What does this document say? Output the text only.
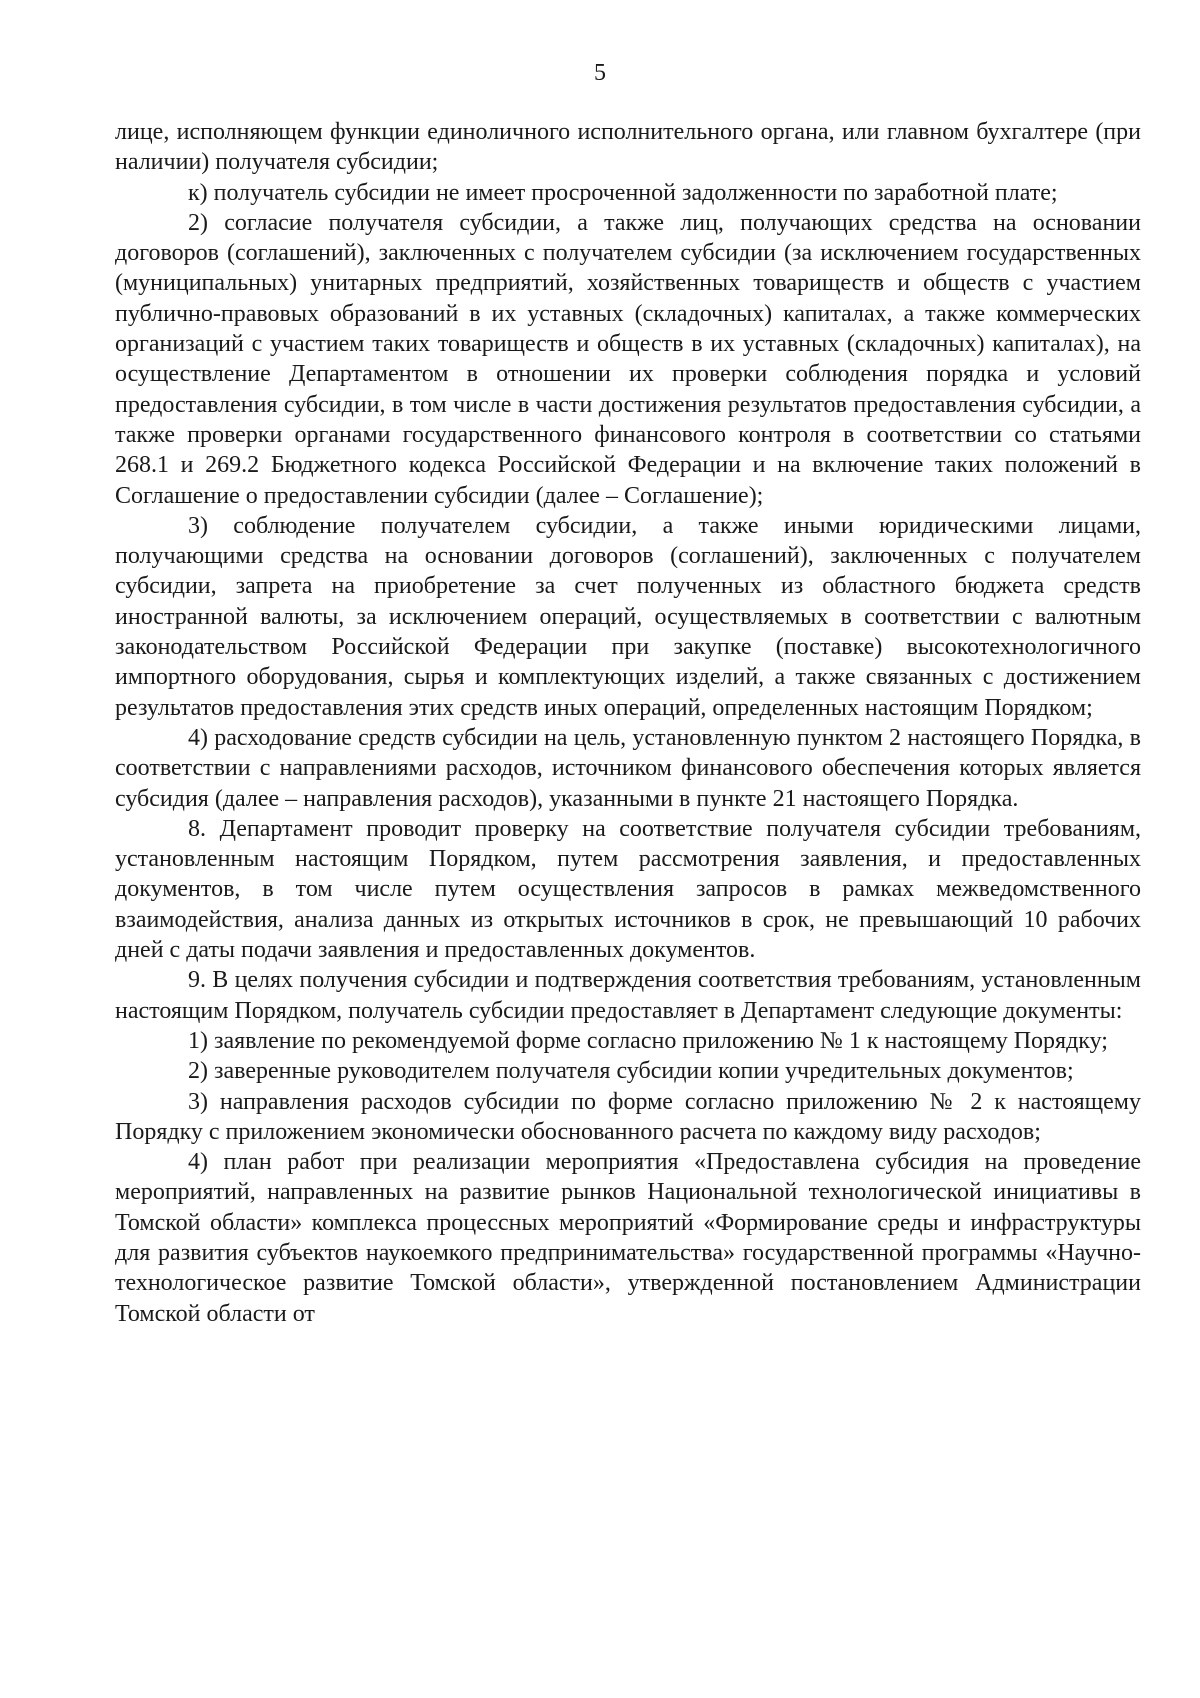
5

лице, исполняющем функции единоличного исполнительного органа, или главном бухгалтере (при наличии) получателя субсидии;

к) получатель субсидии не имеет просроченной задолженности по заработной плате;

2) согласие получателя субсидии, а также лиц, получающих средства на основании договоров (соглашений), заключенных с получателем субсидии (за исключением государственных (муниципальных) унитарных предприятий, хозяйственных товариществ и обществ с участием публично-правовых образований в их уставных (складочных) капиталах, а также коммерческих организаций с участием таких товариществ и обществ в их уставных (складочных) капиталах), на осуществление Департаментом в отношении их проверки соблюдения порядка и условий предоставления субсидии, в том числе в части достижения результатов предоставления субсидии, а также проверки органами государственного финансового контроля в соответствии со статьями 268.1 и 269.2 Бюджетного кодекса Российской Федерации и на включение таких положений в Соглашение о предоставлении субсидии (далее – Соглашение);

3) соблюдение получателем субсидии, а также иными юридическими лицами, получающими средства на основании договоров (соглашений), заключенных с получателем субсидии, запрета на приобретение за счет полученных из областного бюджета средств иностранной валюты, за исключением операций, осуществляемых в соответствии с валютным законодательством Российской Федерации при закупке (поставке) высокотехнологичного импортного оборудования, сырья и комплектующих изделий, а также связанных с достижением результатов предоставления этих средств иных операций, определенных настоящим Порядком;

4) расходование средств субсидии на цель, установленную пунктом 2 настоящего Порядка, в соответствии с направлениями расходов, источником финансового обеспечения которых является субсидия (далее – направления расходов), указанными в пункте 21 настоящего Порядка.

8. Департамент проводит проверку на соответствие получателя субсидии требованиям, установленным настоящим Порядком, путем рассмотрения заявления, и предоставленных документов, в том числе путем осуществления запросов в рамках межведомственного взаимодействия, анализа данных из открытых источников в срок, не превышающий 10 рабочих дней с даты подачи заявления и предоставленных документов.

9. В целях получения субсидии и подтверждения соответствия требованиям, установленным настоящим Порядком, получатель субсидии предоставляет в Департамент следующие документы:

1) заявление по рекомендуемой форме согласно приложению № 1 к настоящему Порядку;

2) заверенные руководителем получателя субсидии копии учредительных документов;

3) направления расходов субсидии по форме согласно приложению № 2 к настоящему Порядку с приложением экономически обоснованного расчета по каждому виду расходов;

4) план работ при реализации мероприятия «Предоставлена субсидия на проведение мероприятий, направленных на развитие рынков Национальной технологической инициативы в Томской области» комплекса процессных мероприятий «Формирование среды и инфраструктуры для развития субъектов наукоемкого предпринимательства» государственной программы «Научно-технологическое развитие Томской области», утвержденной постановлением Администрации Томской области от
